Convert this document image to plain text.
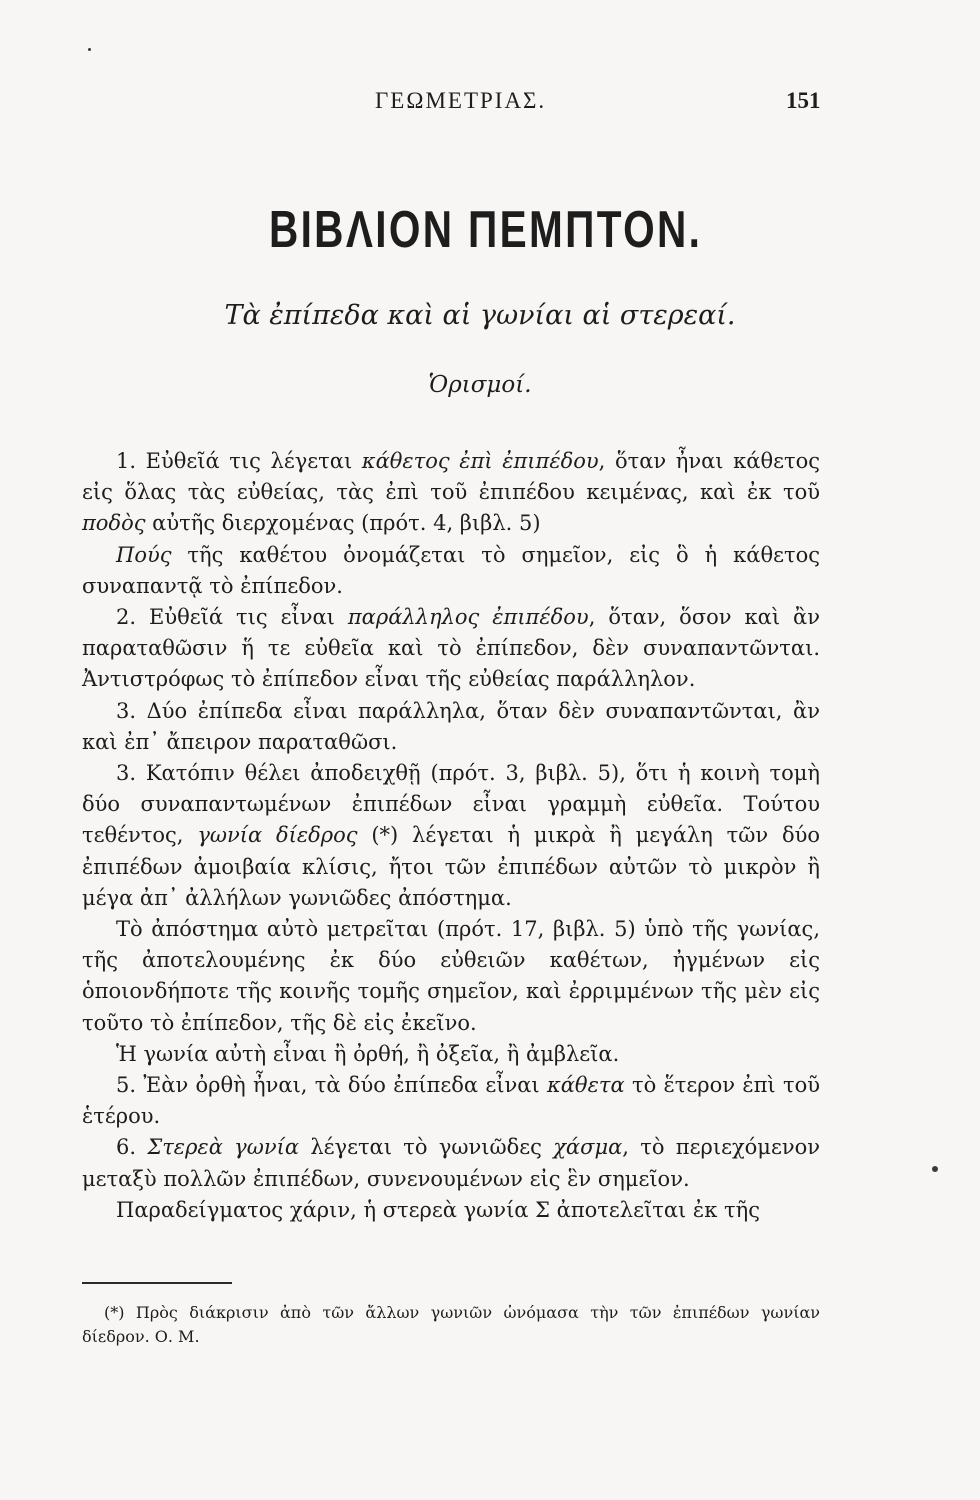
ΓΕΩΜΕΤΡΙΑΣ.	151
ΒΙΒΛΙΟΝ ΠΕΜΠΤΟΝ.
Τὰ ἐπίπεδα καὶ αἱ γωνίαι αἱ στερεαί.
Ὁρισμοί.

1. Εὐθεῖά τις λέγεται κάθετος ἐπὶ ἐπιπέδου, ὅταν ἦναι κάθετος εἰς ὅλας τὰς εὐθείας, τὰς ἐπὶ τοῦ ἐπιπέδου κειμένας, καὶ ἐκ τοῦ ποδὸς αὐτῆς διερχομένας (πρότ. 4, βιβλ. 5)

Πούς τῆς καθέτου ὀνομάζεται τὸ σημεῖον, εἰς ὃ ἡ κάθετος συναπαντᾷ τὸ ἐπίπεδον.

2. Εὐθεῖά τις εἶναι παράλληλος ἐπιπέδου, ὅταν, ὅσον καὶ ἂν παραταθῶσιν ἥ τε εὐθεῖα καὶ τὸ ἐπίπεδον, δὲν συναπαντῶνται. Ἀντιστρόφως τὸ ἐπίπεδον εἶναι τῆς εὐθείας παράλληλον.

3. Δύο ἐπίπεδα εἶναι παράλληλα, ὅταν δὲν συναπαντῶνται, ἂν καὶ ἐπ᾽ ἄπειρον παραταθῶσι.

3. Κατόπιν θέλει ἀποδειχθῇ (πρότ. 3, βιβλ. 5), ὅτι ἡ κοινὴ τομὴ δύο συναπαντωμένων ἐπιπέδων εἶναι γραμμὴ εὐθεῖα. Τούτου τεθέντος, γωνία δίεδρος (*) λέγεται ἡ μικρὰ ἢ μεγάλη τῶν δύο ἐπιπέδων ἀμοιβαία κλίσις, ἤτοι τῶν ἐπιπέδων αὐτῶν τὸ μικρὸν ἢ μέγα ἀπ᾽ ἀλλήλων γωνιῶδες ἀπόστημα.

Τὸ ἀπόστημα αὐτὸ μετρεῖται (πρότ. 17, βιβλ. 5) ὑπὸ τῆς γωνίας, τῆς ἀποτελουμένης ἐκ δύο εὐθειῶν καθέτων, ἠγμένων εἰς ὁποιονδήποτε τῆς κοινῆς τομῆς σημεῖον, καὶ ἐρριμμένων τῆς μὲν εἰς τοῦτο τὸ ἐπίπεδον, τῆς δὲ εἰς ἐκεῖνο.

Ἡ γωνία αὐτὴ εἶναι ἢ ὀρθή, ἢ ὀξεῖα, ἢ ἀμβλεῖα.

5. Ἐὰν ὀρθὴ ἦναι, τὰ δύο ἐπίπεδα εἶναι κάθετα τὸ ἕτερον ἐπὶ τοῦ ἑτέρου.

6. Στερεὰ γωνία λέγεται τὸ γωνιῶδες χάσμα, τὸ περιεχόμενον μεταξὺ πολλῶν ἐπιπέδων, συνενουμένων εἰς ἓν σημεῖον.

Παραδείγματος χάριν, ἡ στερεὰ γωνία Σ ἀποτελεῖται ἐκ τῆς

(*) Πρὸς διάκρισιν ἀπὸ τῶν ἄλλων γωνιῶν ὠνόμασα τὴν τῶν ἐπιπέδων γωνίαν δίεδρον. Ο. Μ.
